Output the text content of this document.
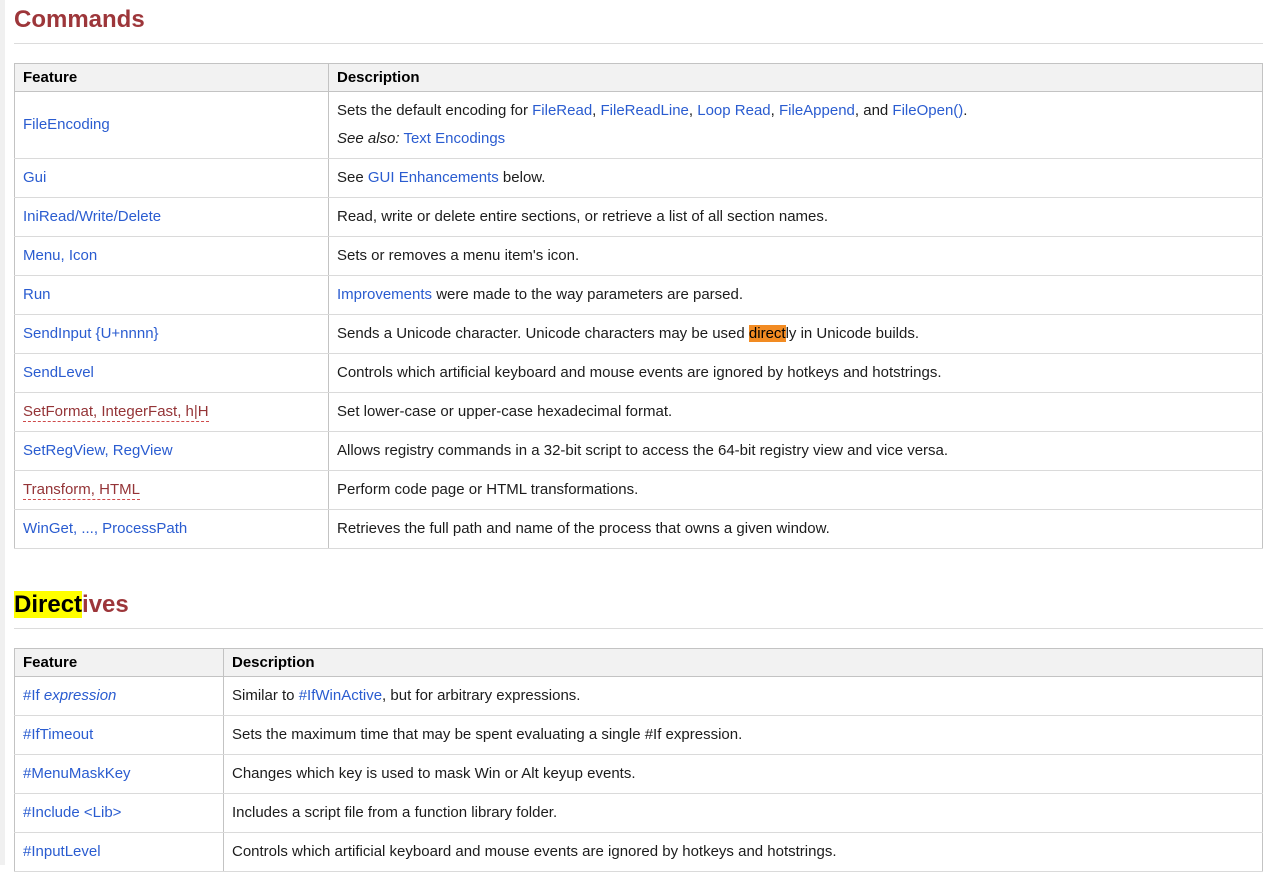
Commands
Feature	Description
FileEncoding	Sets the default encoding for FileRead, FileReadLine, Loop Read, FileAppend, and FileOpen().
See also: Text Encodings

Gui	See GUI Enhancements below.

IniRead/Write/Delete	Read, write or delete entire sections, or retrieve a list of all section names.

Menu, Icon	Sets or removes a menu item's icon.

Run	Improvements were made to the way parameters are parsed.

SendInput {U+nnnn}	Sends a Unicode character. Unicode characters may be used directly in Unicode builds.

SendLevel	Controls which artificial keyboard and mouse events are ignored by hotkeys and hotstrings.

SetFormat, IntegerFast, h|H	Set lower-case or upper-case hexadecimal format.

SetRegView, RegView	Allows registry commands in a 32-bit script to access the 64-bit registry view and vice versa.

Transform, HTML	Perform code page or HTML transformations.

WinGet, ..., ProcessPath	Retrieves the full path and name of the process that owns a given window.
Directives
Feature	Description
#If expression	Similar to #IfWinActive, but for arbitrary expressions.

#IfTimeout	Sets the maximum time that may be spent evaluating a single #If expression.

#MenuMaskKey	Changes which key is used to mask Win or Alt keyup events.

#Include <Lib>	Includes a script file from a function library folder.

#InputLevel	Controls which artificial keyboard and mouse events are ignored by hotkeys and hotstrings.
